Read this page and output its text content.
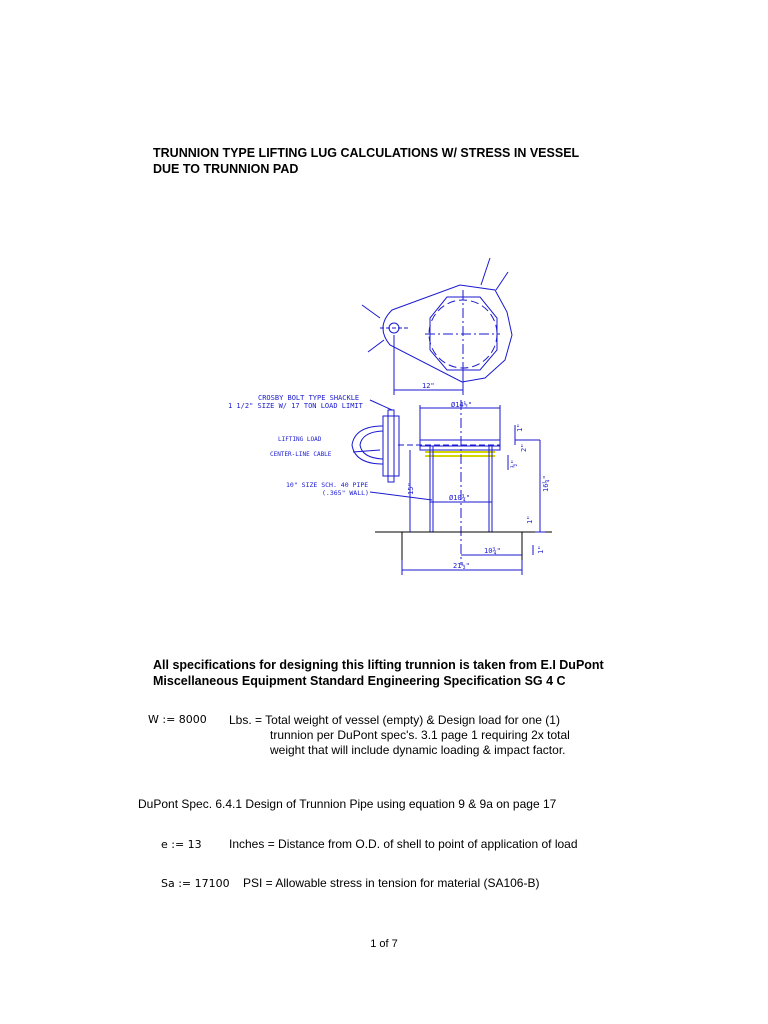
TRUNNION TYPE LIFTING LUG CALCULATIONS W/ STRESS IN VESSEL
DUE TO TRUNNION PAD
CROSBY BOLT TYPE SHACKLE
1 1/2" SIZE W/ 17 TON LOAD LIMIT
LIFTING LOAD
CENTER-LINE CABLE
10" SIZE SCH. 40 PIPE
(.365" WALL)
12"
Ø14½"
Ø10¾"
10¾"
21½"
15"	16¼"
1"
2"
½"
1"
1"
All specifications for designing this lifting trunnion is taken from E.I DuPont
Miscellaneous Equipment Standard Engineering Specification SG 4 C
W := 8000 Lbs. = Total weight of vessel (empty) & Design load for one (1)
trunnion per DuPont spec's. 3.1 page 1 requiring 2x total
weight that will include dynamic loading & impact factor.
DuPont Spec. 6.4.1 Design of Trunnion Pipe using equation 9 & 9a on page 17
e := 13 Inches = Distance from O.D. of shell to point of application of load
Sa := 17100 PSI = Allowable stress in tension for material (SA106-B)
1 of 7
